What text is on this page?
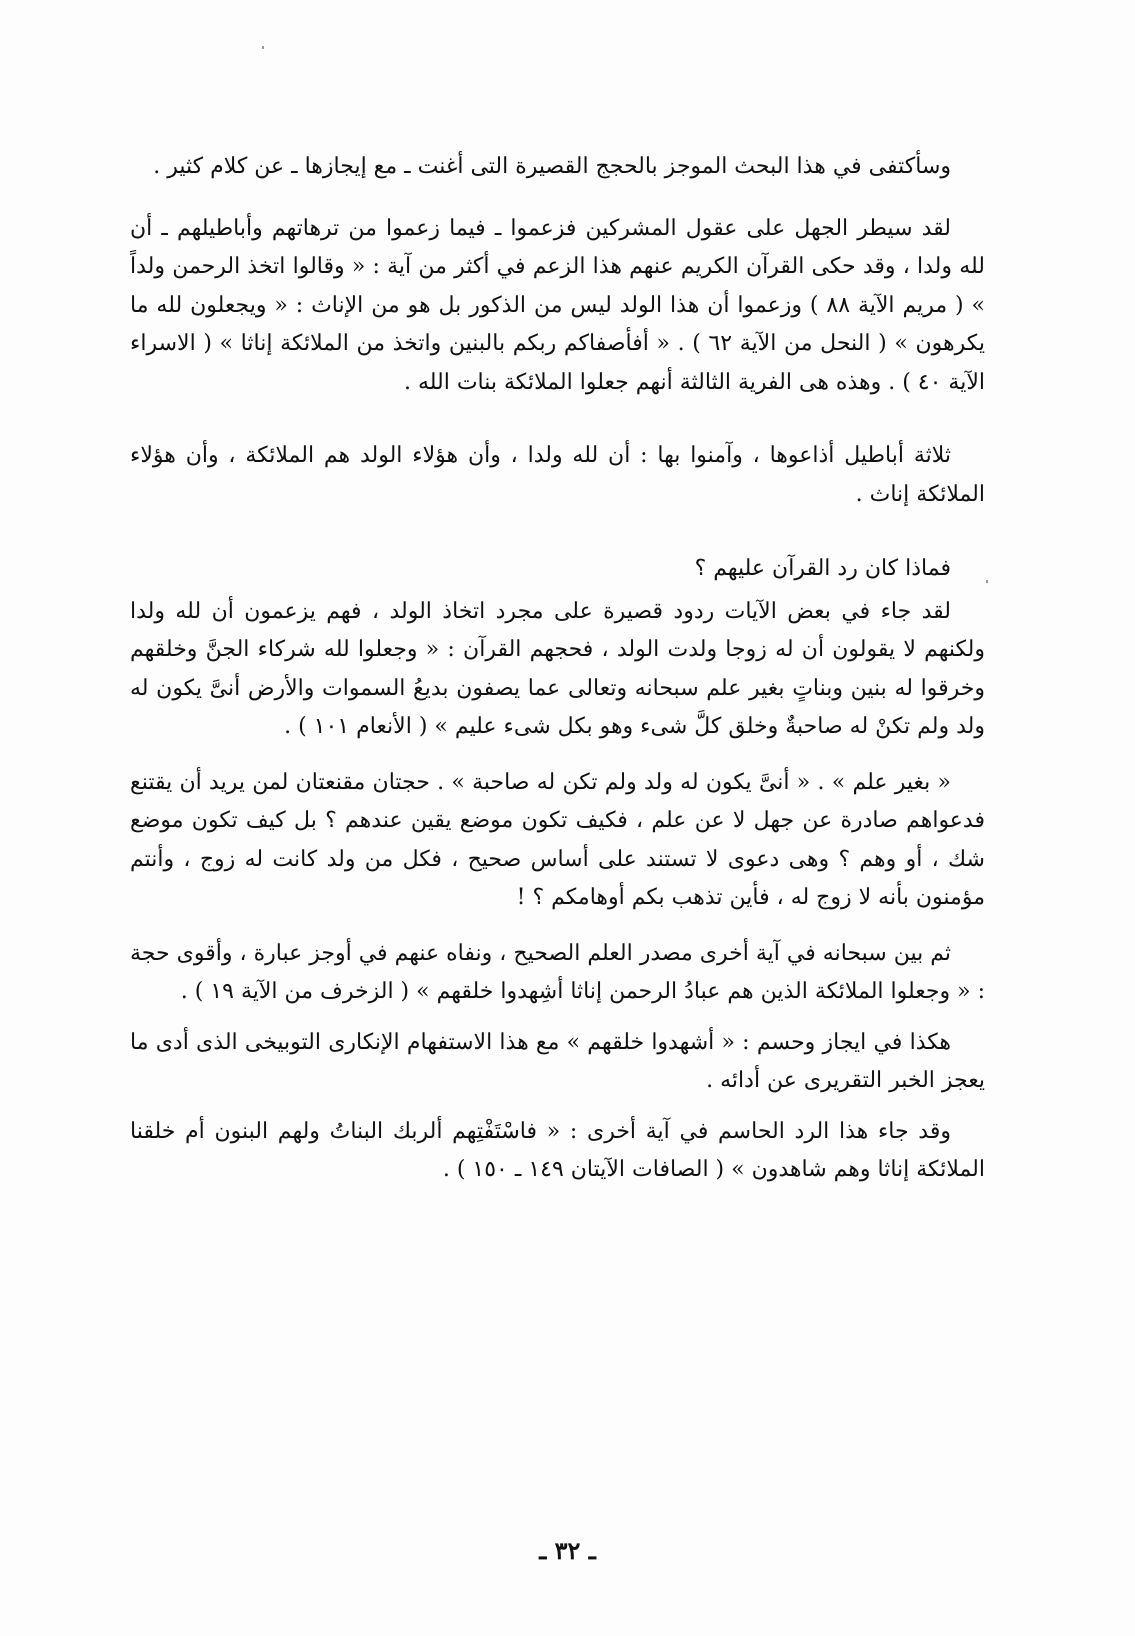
وسأكتفى في هذا البحث الموجز بالحجج القصيرة التى أغنت ـ مع إيجازها ـ عن كلام كثير .

لقد سيطر الجهل على عقول المشركين فزعموا ـ فيما زعموا من ترهاتهم وأباطيلهم ـ أن لله ولدا ، وقد حكى القرآن الكريم عنهم هذا الزعم في أكثر من آية : « وقالوا اتخذ الرحمن ولداً » ( مريم الآية ٨٨ ) وزعموا أن هذا الولد ليس من الذكور بل هو من الإناث : « ويجعلون لله ما يكرهون » ( النحل من الآية ٦٢ ) . « أفأصفاكم ربكم بالبنين واتخذ من الملائكة إناثا » ( الاسراء الآية ٤٠ ) . وهذه هى الفرية الثالثة أنهم جعلوا الملائكة بنات الله .

ثلاثة أباطيل أذاعوها ، وآمنوا بها : أن لله ولدا ، وأن هؤلاء الولد هم الملائكة ، وأن هؤلاء الملائكة إناث .

فماذا كان رد القرآن عليهم ؟

لقد جاء في بعض الآيات ردود قصيرة على مجرد اتخاذ الولد ، فهم يزعمون أن لله ولدا ولكنهم لا يقولون أن له زوجا ولدت الولد ، فحجهم القرآن : « وجعلوا لله شركاء الجنَّ وخلقهم وخرقوا له بنين وبناتٍ بغير علم سبحانه وتعالى عما يصفون بديعُ السموات والأرض أنىَّ يكون له ولد ولم تكنْ له صاحبةٌ وخلق كلَّ شىء وهو بكل شىء عليم » ( الأنعام ١٠١ ) .

« بغير علم » . « أنىَّ يكون له ولد ولم تكن له صاحبة » . حجتان مقنعتان لمن يريد أن يقتنع فدعواهم صادرة عن جهل لا عن علم ، فكيف تكون موضع يقين عندهم ؟ بل كيف تكون موضع شك ، أو وهم ؟ وهى دعوى لا تستند على أساس صحيح ، فكل من ولد كانت له زوج ، وأنتم مؤمنون بأنه لا زوج له ، فأين تذهب بكم أوهامكم ؟ !

ثم بين سبحانه في آية أخرى مصدر العلم الصحيح ، ونفاه عنهم في أوجز عبارة ، وأقوى حجة : « وجعلوا الملائكة الذين هم عبادُ الرحمن إناثا أشِهدوا خلقهم » ( الزخرف من الآية ١٩ ) .

هكذا في ايجاز وحسم : « أشهدوا خلقهم » مع هذا الاستفهام الإنكارى التوبيخى الذى أدى ما يعجز الخبر التقريرى عن أدائه .

وقد جاء هذا الرد الحاسم في آية أخرى : « فاسْتَفْتِهم ألربك البناتُ ولهم البنون أم خلقنا الملائكة إناثا وهم شاهدون » ( الصافات الآيتان ١٤٩ ـ ١٥٠ ) .

ـ ٣٢ ـ
